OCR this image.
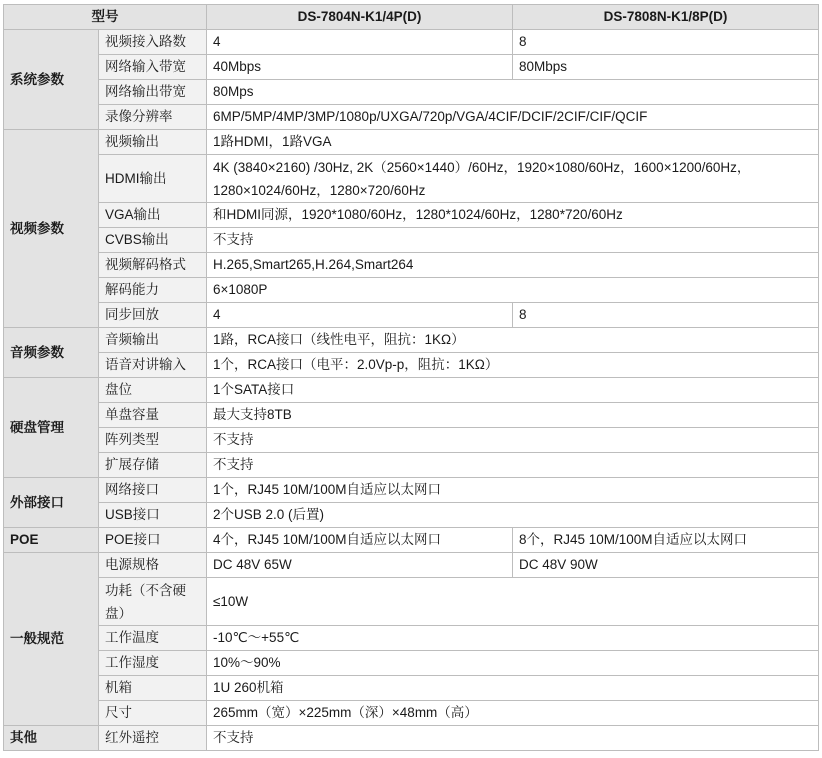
型号		DS-7804N-K1/4P(D)	DS-7808N-K1/8P(D)
系统参数	视频接入路数	4	8
	网络输入带宽	40Mbps	80Mbps
	网络输出带宽	80Mps	
	录像分辨率	6MP/5MP/4MP/3MP/1080p/UXGA/720p/VGA/4CIF/DCIF/2CIF/CIF/QCIF	
视频参数	视频输出	1路HDMI，1路VGA	
	HDMI输出	4K (3840×2160) /30Hz, 2K（2560×1440）/60Hz，1920×1080/60Hz，1600×1200/60Hz，1280×1024/60Hz，1280×720/60Hz	
	VGA输出	和HDMI同源，1920*1080/60Hz，1280*1024/60Hz，1280*720/60Hz	
	CVBS输出	不支持	
	视频解码格式	H.265,Smart265,H.264,Smart264	
	解码能力	6×1080P	
	同步回放	4	8
音频参数	音频输出	1路，RCA接口（线性电平，阻抗：1KΩ）	
	语音对讲输入	1个，RCA接口（电平：2.0Vp-p，阻抗：1KΩ）	
硬盘管理	盘位	1个SATA接口	
	单盘容量	最大支持8TB	
	阵列类型	不支持	
	扩展存储	不支持	
外部接口	网络接口	1个，RJ45 10M/100M自适应以太网口	
	USB接口	2个USB 2.0 (后置)	
POE	POE接口	4个，RJ45 10M/100M自适应以太网口	8个，RJ45 10M/100M自适应以太网口
一般规范	电源规格	DC 48V 65W	DC 48V 90W
	功耗（不含硬盘）	≤10W	
	工作温度	-10℃～+55℃	
	工作湿度	10%～90%	
	机箱	1U 260机箱	
	尺寸	265mm（宽）×225mm（深）×48mm（高）	
其他	红外遥控	不支持	
